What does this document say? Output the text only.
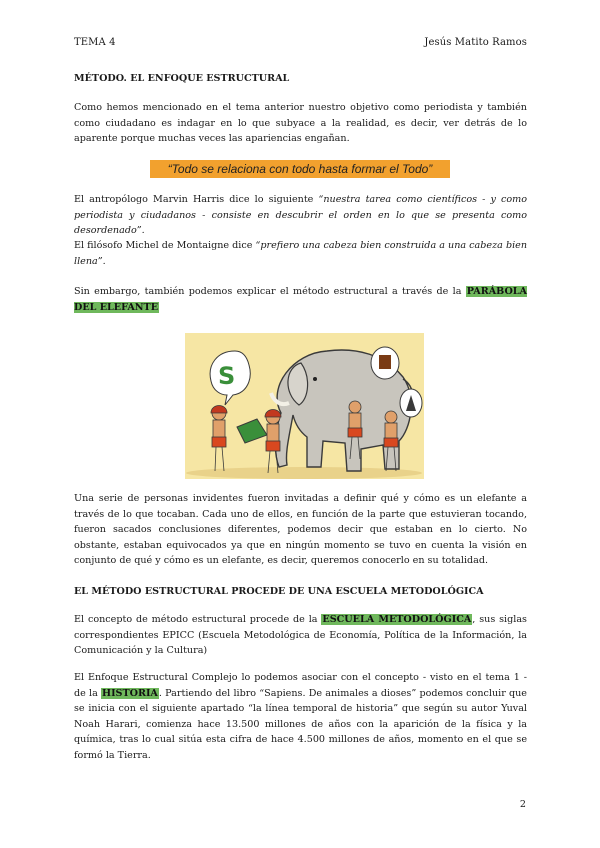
TEMA 4	Jesús Matito Ramos
MÉTODO. EL ENFOQUE ESTRUCTURAL

Como hemos mencionado en el tema anterior nuestro objetivo como periodista y también como ciudadano es indagar en lo que subyace a la realidad, es decir, ver detrás de lo aparente porque muchas veces las apariencias engañan.

“Todo se relaciona con todo hasta formar el Todo”

El antropólogo Marvin Harris dice lo siguiente “nuestra tarea como científicos - y como periodista y ciudadanos - consiste en descubrir el orden en lo que se presenta como desordenado”.

El filósofo Michel de Montaigne dice “prefiero una cabeza bien construida a una cabeza bien llena”.

Sin embargo, también podemos explicar el método estructural a través de la PARÁBOLA DEL ELEFANTE

S

Una serie de personas invidentes fueron invitadas a definir qué y cómo es un elefante a través de lo que tocaban. Cada uno de ellos, en función de la parte que estuvieran tocando, fueron sacados conclusiones diferentes, podemos decir que estaban en lo cierto. No obstante, estaban equivocados ya que en ningún momento se tuvo en cuenta la visión en conjunto de qué y cómo es un elefante, es decir, queremos conocerlo en su totalidad.

EL MÉTODO ESTRUCTURAL PROCEDE DE UNA ESCUELA METODOLÓGICA

El concepto de método estructural procede de la ESCUELA METODOLÓGICA, sus siglas correspondientes EPICC (Escuela Metodológica de Economía, Política de la Información, la Comunicación y la Cultura)

El Enfoque Estructural Complejo lo podemos asociar con el concepto - visto en el tema 1 - de la HISTORIA. Partiendo del libro “Sapiens. De animales a dioses” podemos concluir que se inicia con el siguiente apartado “la línea temporal de historia” que según su autor Yuval Noah Harari, comienza hace 13.500 millones de años con la aparición de la física y la química, tras lo cual sitúa esta cifra de hace 4.500 millones de años, momento en el que se formó la Tierra.

2
